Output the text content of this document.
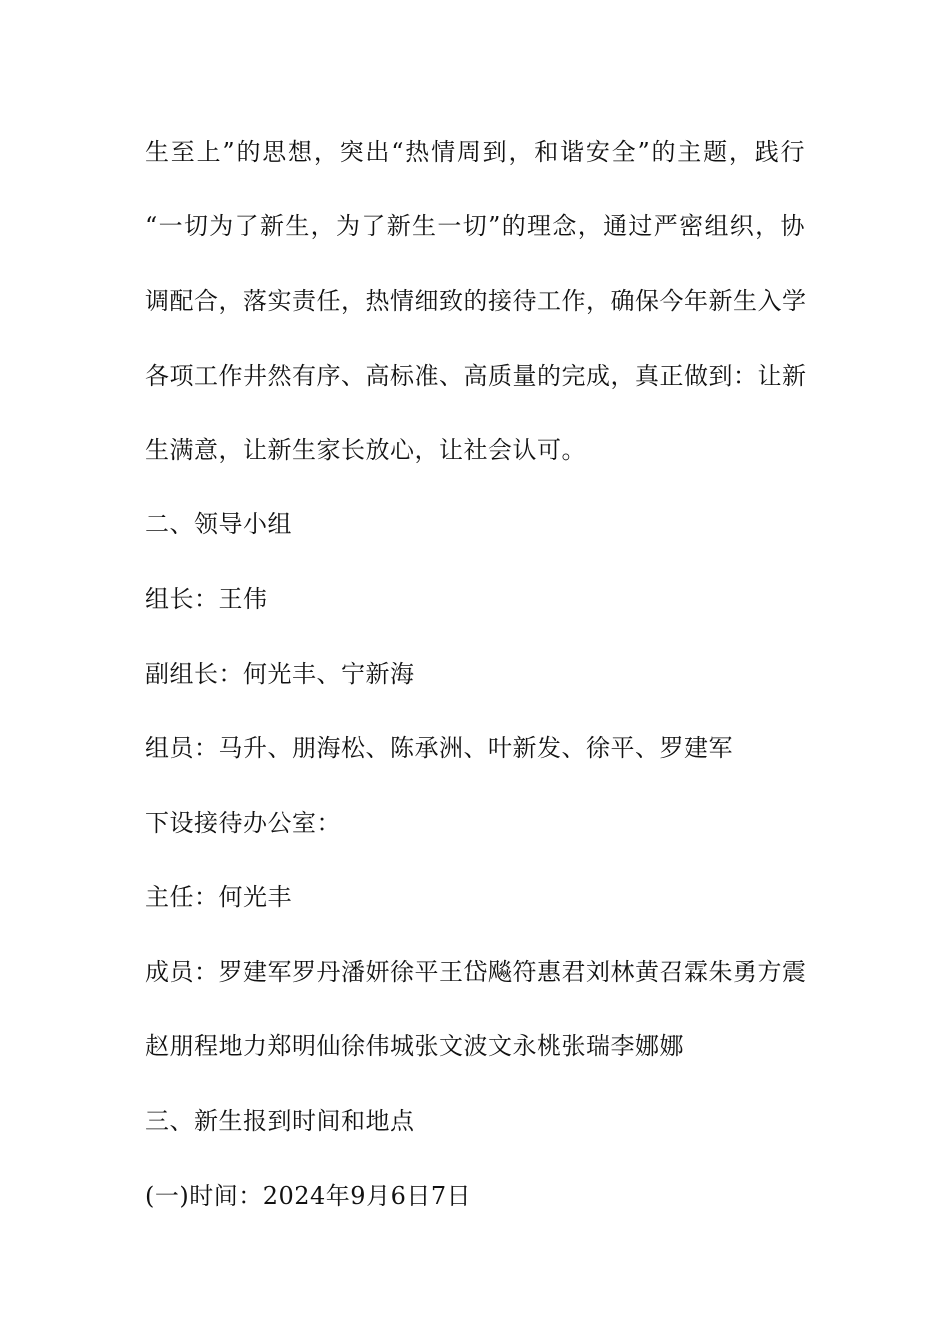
生至上”的思想，突出“热情周到，和谐安全”的主题，践行
“一切为了新生，为了新生一切”的理念，通过严密组织，协
调配合，落实责任，热情细致的接待工作，确保今年新生入学
各项工作井然有序、高标准、高质量的完成，真正做到：让新
生满意，让新生家长放心，让社会认可。
二、领导小组
组长：王伟
副组长：何光丰、宁新海
组员：马升、朋海松、陈承洲、叶新发、徐平、罗建军
下设接待办公室：
主任：何光丰
成员：罗建军罗丹潘妍徐平王岱飚符惠君刘林黄召霖朱勇方震
赵朋程地力郑明仙徐伟城张文波文永桃张瑞李娜娜
三、新生报到时间和地点
(一)时间：2024年9月6日7日
